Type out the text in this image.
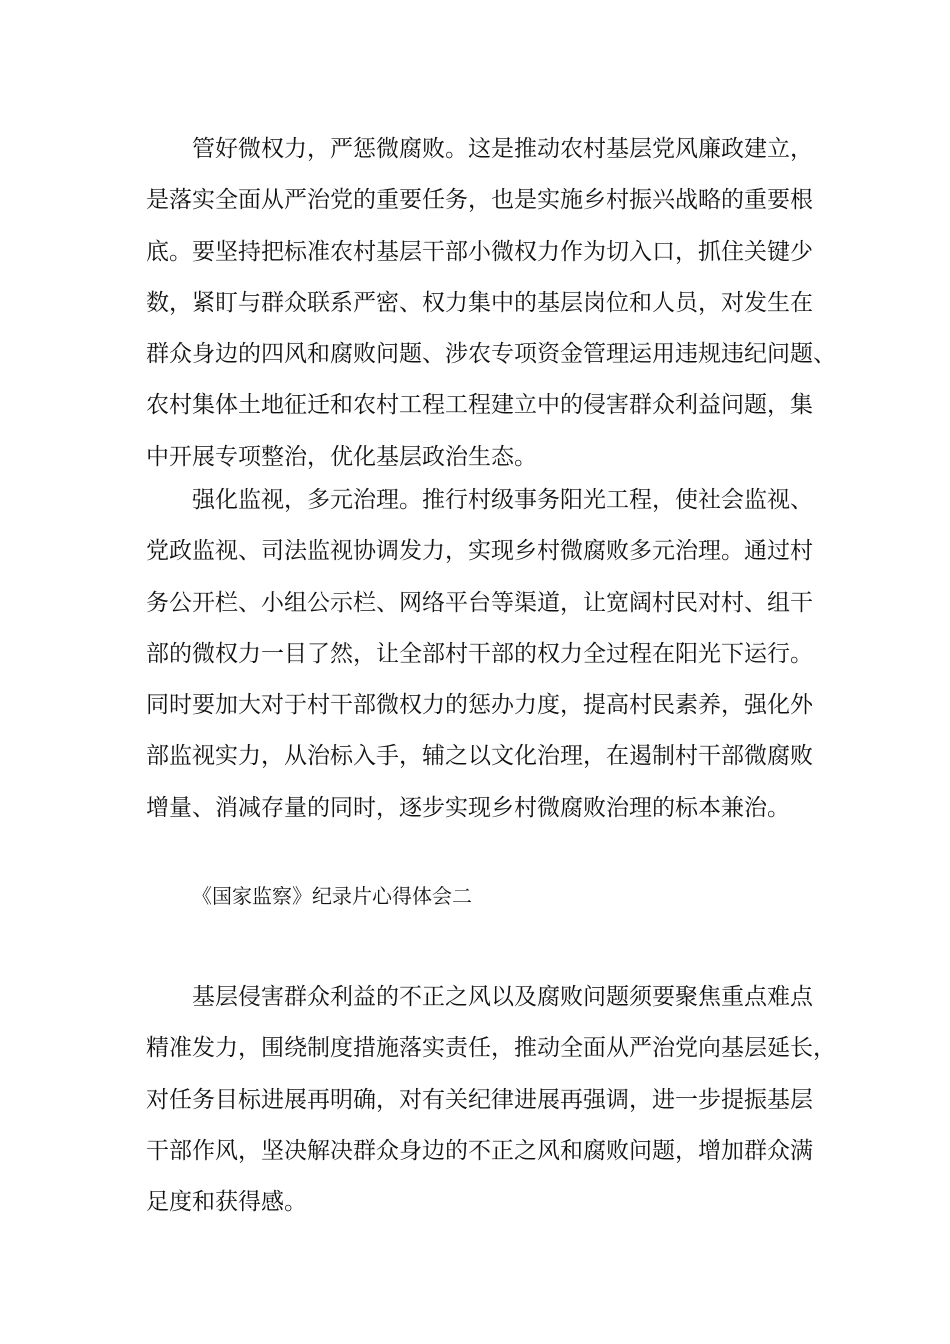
管好微权力，严惩微腐败。这是推动农村基层党风廉政建立，
是落实全面从严治党的重要任务，也是实施乡村振兴战略的重要根
底。要坚持把标准农村基层干部小微权力作为切入口，抓住关键少
数，紧盯与群众联系严密、权力集中的基层岗位和人员，对发生在
群众身边的四风和腐败问题、涉农专项资金管理运用违规违纪问题、
农村集体土地征迁和农村工程工程建立中的侵害群众利益问题，集
中开展专项整治，优化基层政治生态。
强化监视，多元治理。推行村级事务阳光工程，使社会监视、
党政监视、司法监视协调发力，实现乡村微腐败多元治理。通过村
务公开栏、小组公示栏、网络平台等渠道，让宽阔村民对村、组干
部的微权力一目了然，让全部村干部的权力全过程在阳光下运行。
同时要加大对于村干部微权力的惩办力度，提高村民素养，强化外
部监视实力，从治标入手，辅之以文化治理，在遏制村干部微腐败
增量、消减存量的同时，逐步实现乡村微腐败治理的标本兼治。

《国家监察》纪录片心得体会二

基层侵害群众利益的不正之风以及腐败问题须要聚焦重点难点
精准发力，围绕制度措施落实责任，推动全面从严治党向基层延长，
对任务目标进展再明确，对有关纪律进展再强调，进一步提振基层
干部作风，坚决解决群众身边的不正之风和腐败问题，增加群众满
足度和获得感。
